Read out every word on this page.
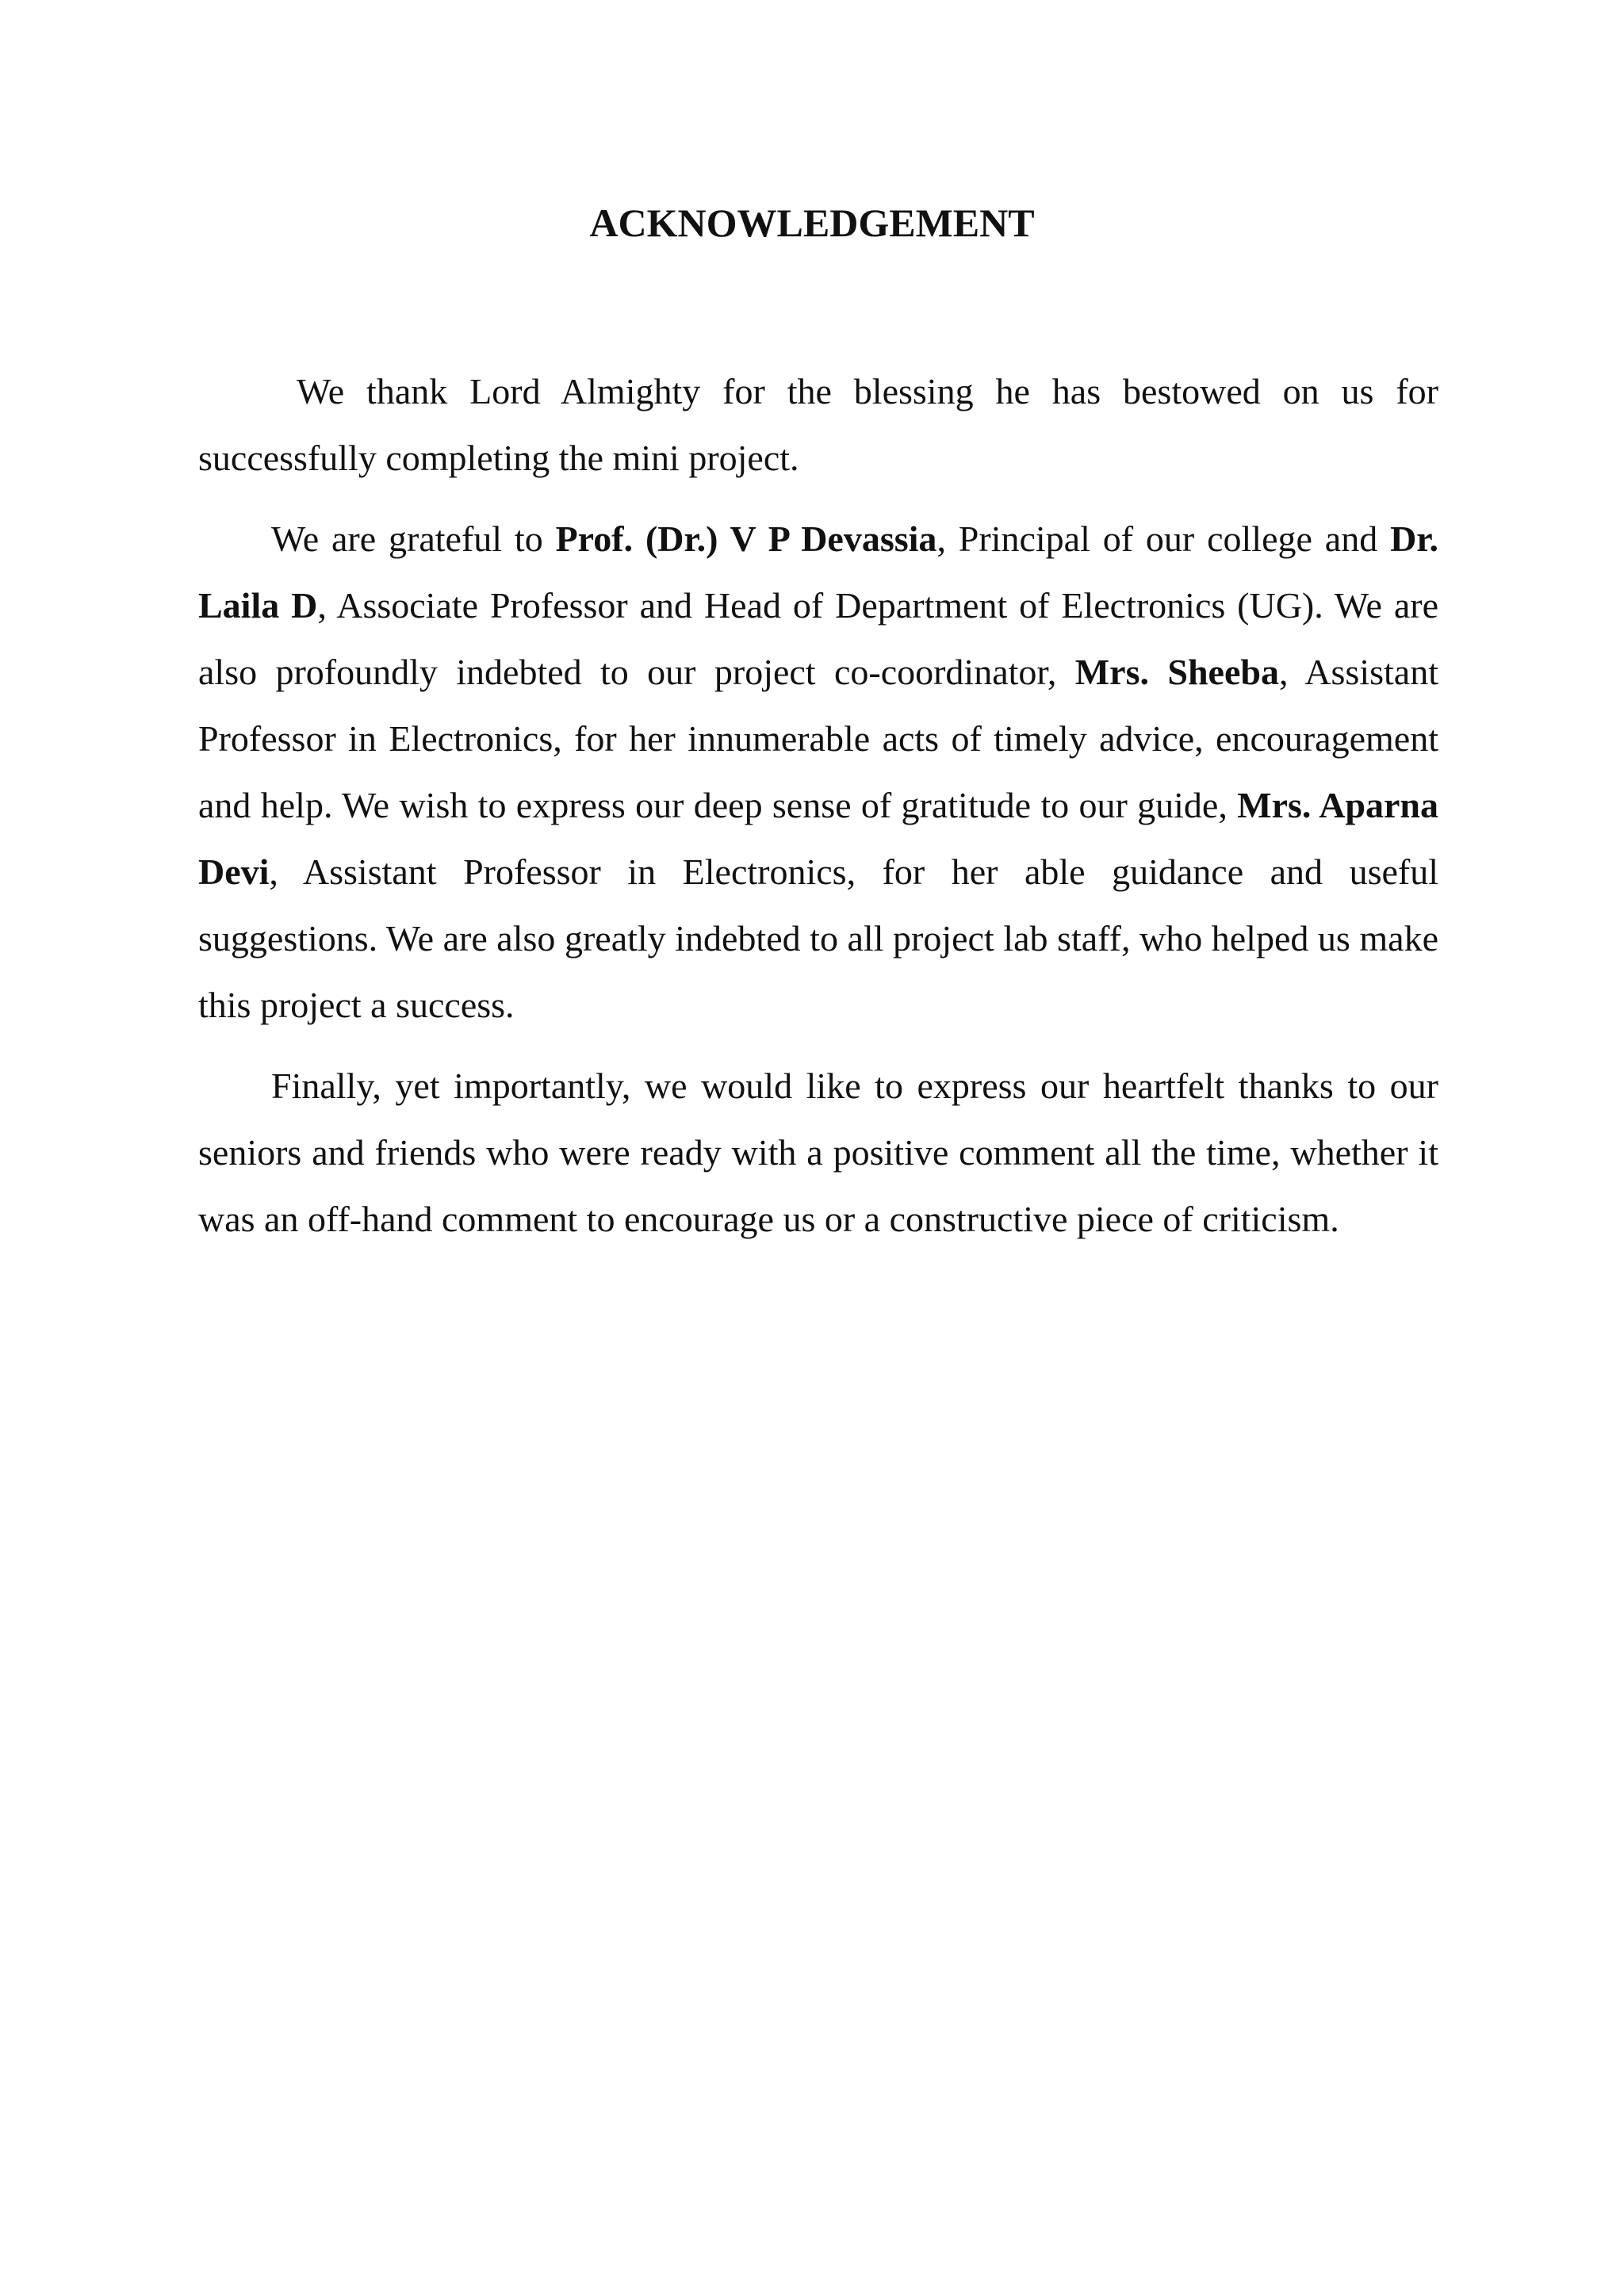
ACKNOWLEDGEMENT

We thank Lord Almighty for the blessing he has bestowed on us for successfully completing the mini project.

We are grateful to Prof. (Dr.) V P Devassia, Principal of our college and Dr. Laila D, Associate Professor and Head of Department of Electronics (UG). We are also profoundly indebted to our project co-coordinator, Mrs. Sheeba, Assistant Professor in Electronics, for her innumerable acts of timely advice, encouragement and help. We wish to express our deep sense of gratitude to our guide, Mrs. Aparna Devi, Assistant Professor in Electronics, for her able guidance and useful suggestions. We are also greatly indebted to all project lab staff, who helped us make this project a success.

Finally, yet importantly, we would like to express our heartfelt thanks to our seniors and friends who were ready with a positive comment all the time, whether it was an off-hand comment to encourage us or a constructive piece of criticism.
